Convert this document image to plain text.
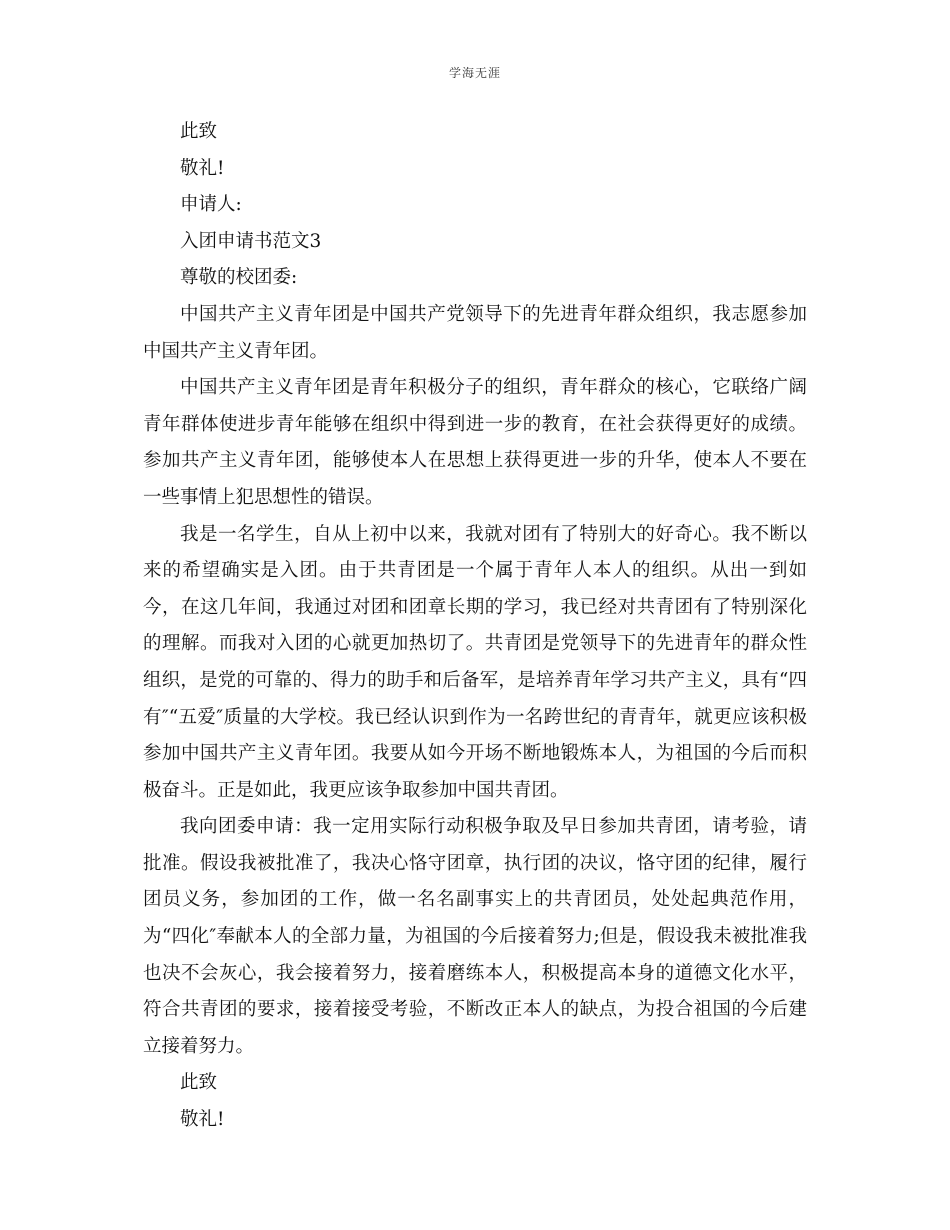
学海无涯
此致
敬礼!
申请人:
入团申请书范文3
尊敬的校团委:
中国共产主义青年团是中国共产党领导下的先进青年群众组织，我志愿参加中国共产主义青年团。
中国共产主义青年团是青年积极分子的组织，青年群众的核心，它联络广阔青年群体使进步青年能够在组织中得到进一步的教育，在社会获得更好的成绩。参加共产主义青年团，能够使本人在思想上获得更进一步的升华，使本人不要在一些事情上犯思想性的错误。
我是一名学生，自从上初中以来，我就对团有了特别大的好奇心。我不断以来的希望确实是入团。由于共青团是一个属于青年人本人的组织。从出一到如今，在这几年间，我通过对团和团章长期的学习，我已经对共青团有了特别深化的理解。而我对入团的心就更加热切了。共青团是党领导下的先进青年的群众性组织，是党的可靠的、得力的助手和后备军，是培养青年学习共产主义，具有“四有″“五爱″质量的大学校。我已经认识到作为一名跨世纪的青青年，就更应该积极参加中国共产主义青年团。我要从如今开场不断地锻炼本人，为祖国的今后而积极奋斗。正是如此，我更应该争取参加中国共青团。
我向团委申请：我一定用实际行动积极争取及早日参加共青团，请考验，请批准。假设我被批准了，我决心恪守团章，执行团的决议，恪守团的纪律，履行团员义务，参加团的工作，做一名名副事实上的共青团员，处处起典范作用，为“四化″奉献本人的全部力量，为祖国的今后接着努力;但是，假设我未被批准我也决不会灰心，我会接着努力，接着磨练本人，积极提高本身的道德文化水平，符合共青团的要求，接着接受考验，不断改正本人的缺点，为投合祖国的今后建立接着努力。
此致
敬礼!
